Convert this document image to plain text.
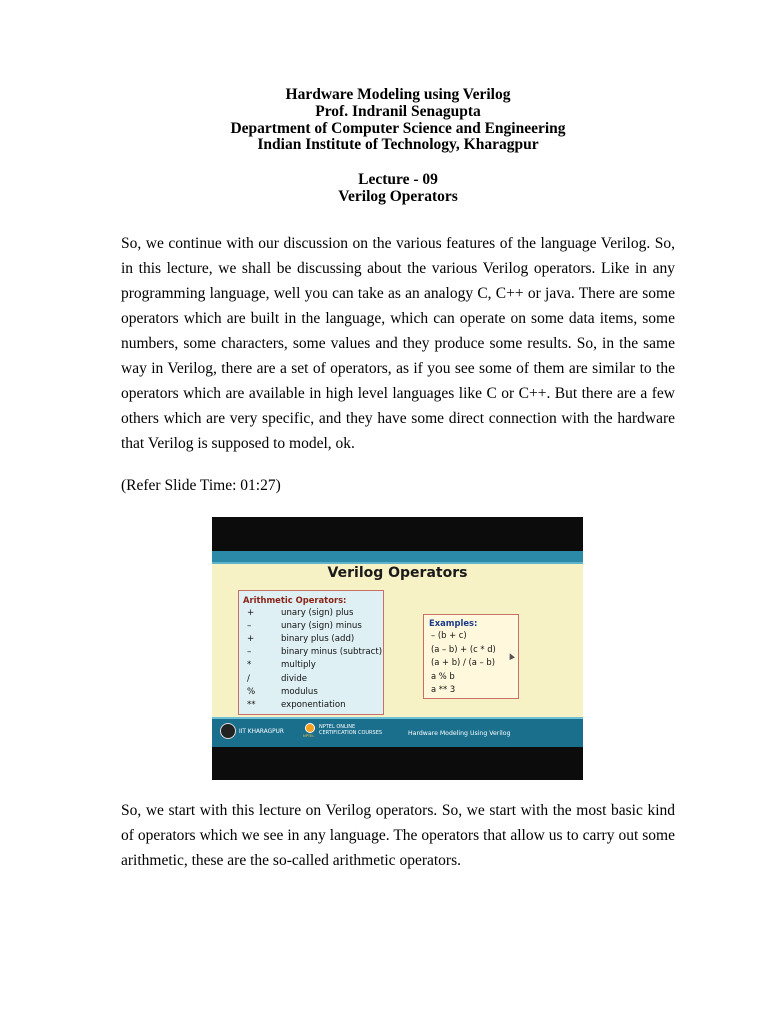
Hardware Modeling using Verilog
Prof. Indranil Senagupta
Department of Computer Science and Engineering
Indian Institute of Technology, Kharagpur
Lecture - 09
Verilog Operators
So, we continue with our discussion on the various features of the language Verilog. So, in this lecture, we shall be discussing about the various Verilog operators. Like in any programming language, well you can take as an analogy C, C++ or java. There are some operators which are built in the language, which can operate on some data items, some numbers, some characters, some values and they produce some results. So, in the same way in Verilog, there are a set of operators, as if you see some of them are similar to the operators which are available in high level languages like C or C++. But there are a few others which are very specific, and they have some direct connection with the hardware that Verilog is supposed to model, ok.
(Refer Slide Time: 01:27)
Verilog Operators
Arithmetic Operators:
+	unary (sign) plus
–	unary (sign) minus
+	binary plus (add)
–	binary minus (subtract)
*	multiply
/	divide
%	modulus
**	exponentiation
Examples:
– (b + c)
(a – b) + (c * d)
(a + b) / (a – b)
a % b
a ** 3
IIT KHARAGPUR
NPTEL
NPTEL ONLINE
CERTIFICATION COURSES	Hardware Modeling Using Verilog
So, we start with this lecture on Verilog operators. So, we start with the most basic kind of operators which we see in any language. The operators that allow us to carry out some arithmetic, these are the so-called arithmetic operators.
